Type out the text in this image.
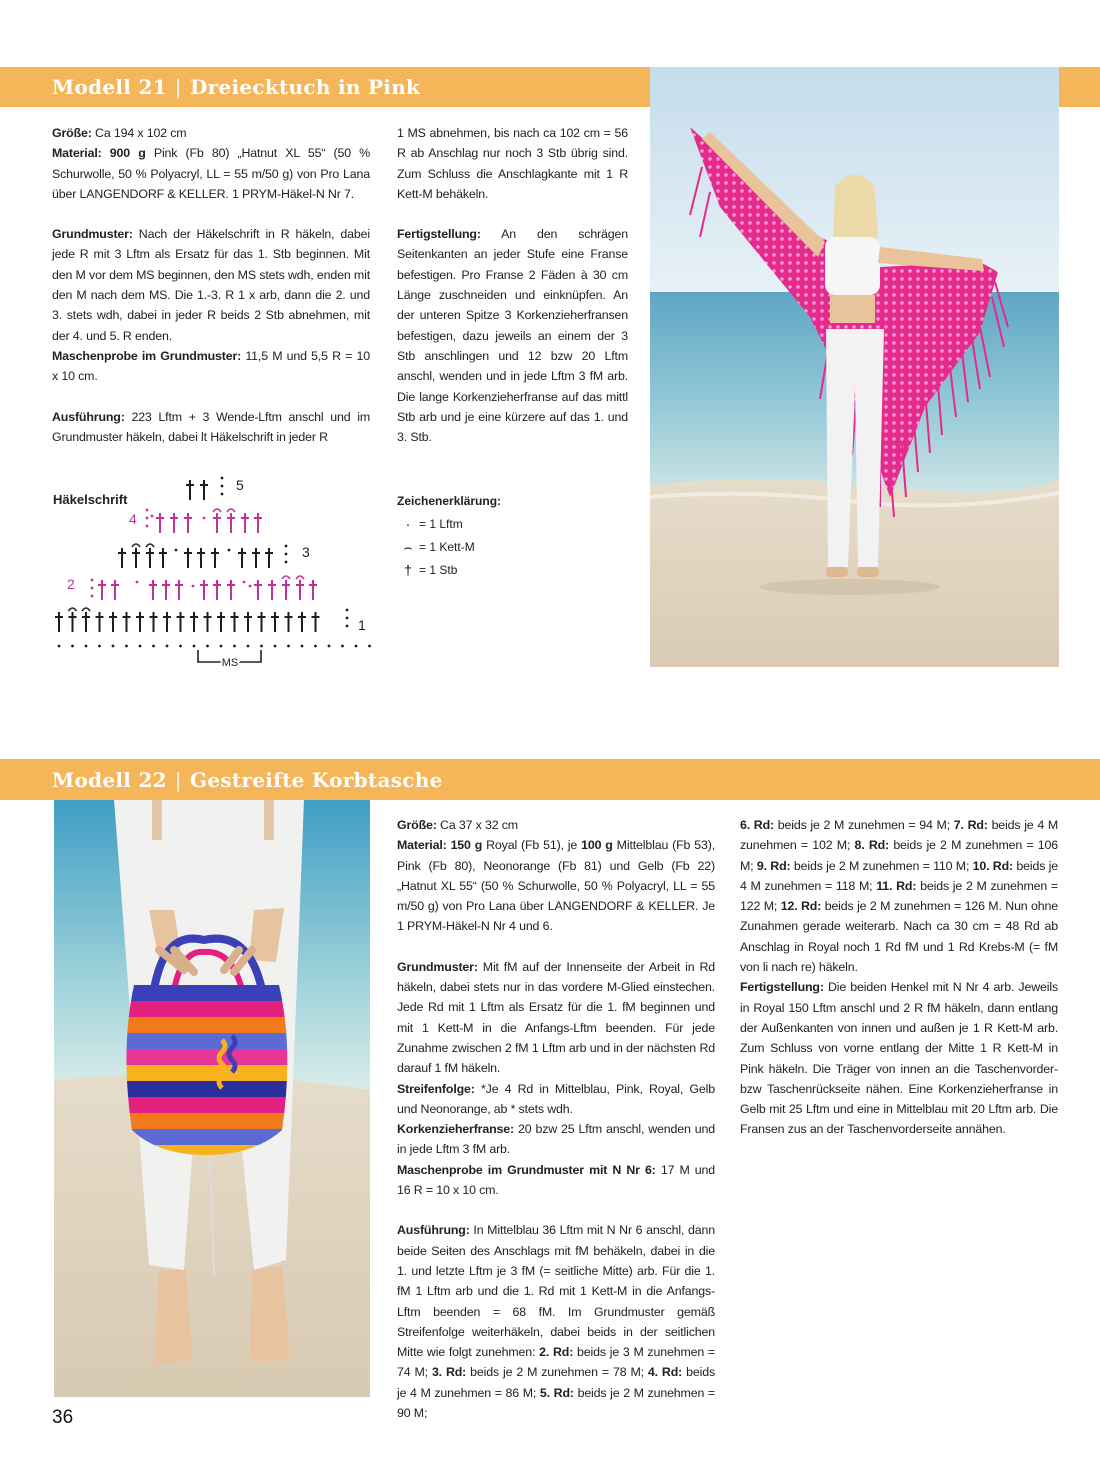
Modell 21 | Dreiecktuch in Pink

Größe: Ca 194 x 102 cm

Material: 900 g Pink (Fb 80) „Hatnut XL 55“ (50 % Schurwolle, 50 % Polyacryl, LL = 55 m/50 g) von Pro Lana über LANGENDORF & KELLER. 1 PRYM-Häkel-N Nr 7.

Grundmuster: Nach der Häkelschrift in R häkeln, dabei jede R mit 3 Lftm als Ersatz für das 1. Stb beginnen. Mit den M vor dem MS beginnen, den MS stets wdh, enden mit den M nach dem MS. Die 1.-3. R 1 x arb, dann die 2. und 3. stets wdh, dabei in jeder R beids 2 Stb abnehmen, mit der 4. und 5. R enden.

Maschenprobe im Grundmuster: 11,5 M und 5,5 R = 10 x 10 cm.

Ausführung: 223 Lftm + 3 Wende-Lftm anschl und im Grundmuster häkeln, dabei lt Häkelschrift in jeder R

1 MS abnehmen, bis nach ca 102 cm = 56 R ab Anschlag nur noch 3 Stb übrig sind. Zum Schluss die Anschlagkante mit 1 R Kett-M behäkeln.

Fertigstellung: An den schrägen Seitenkanten an jeder Stufe eine Franse befestigen. Pro Franse 2 Fäden à 30 cm Länge zuschneiden und einknüpfen. An der unteren Spitze 3 Korkenzieherfransen befestigen, dazu jeweils an einem der 3 Stb anschlingen und 12 bzw 20 Lftm anschl, wenden und in jede Lftm 3 fM arb. Die lange Korkenzieherfranse auf das mittl Stb arb und je eine kürzere auf das 1. und 3. Stb.

Häkelschrift
1
2
3
4
5
MS
Zeichenerklärung:
· = 1 Lftm
⌢ = 1 Kett-M
† = 1 Stb
Modell 22 | Gestreifte Korbtasche

Größe: Ca 37 x 32 cm

Material: 150 g Royal (Fb 51), je 100 g Mittelblau (Fb 53), Pink (Fb 80), Neonorange (Fb 81) und Gelb (Fb 22) „Hatnut XL 55“ (50 % Schurwolle, 50 % Polyacryl, LL = 55 m/50 g) von Pro Lana über LANGENDORF & KELLER. Je 1 PRYM-Häkel-N Nr 4 und 6.

Grundmuster: Mit fM auf der Innenseite der Arbeit in Rd häkeln, dabei stets nur in das vordere M-Glied einstechen. Jede Rd mit 1 Lftm als Ersatz für die 1. fM beginnen und mit 1 Kett-M in die Anfangs-Lftm beenden. Für jede Zunahme zwischen 2 fM 1 Lftm arb und in der nächsten Rd darauf 1 fM häkeln.

Streifenfolge: *Je 4 Rd in Mittelblau, Pink, Royal, Gelb und Neonorange, ab * stets wdh.

Korkenzieherfranse: 20 bzw 25 Lftm anschl, wenden und in jede Lftm 3 fM arb.

Maschenprobe im Grundmuster mit N Nr 6: 17 M und 16 R = 10 x 10 cm.

Ausführung: In Mittelblau 36 Lftm mit N Nr 6 anschl, dann beide Seiten des Anschlags mit fM behäkeln, dabei in die 1. und letzte Lftm je 3 fM (= seitliche Mitte) arb. Für die 1. fM 1 Lftm arb und die 1. Rd mit 1 Kett-M in die Anfangs-Lftm beenden = 68 fM. Im Grundmuster gemäß Streifenfolge weiterhäkeln, dabei beids in der seitlichen Mitte wie folgt zunehmen: 2. Rd: beids je 3 M zunehmen = 74 M; 3. Rd: beids je 2 M zunehmen = 78 M; 4. Rd: beids je 4 M zunehmen = 86 M; 5. Rd: beids je 2 M zunehmen = 90 M;

6. Rd: beids je 2 M zunehmen = 94 M; 7. Rd: beids je 4 M zunehmen = 102 M; 8. Rd: beids je 2 M zunehmen = 106 M; 9. Rd: beids je 2 M zunehmen = 110 M; 10. Rd: beids je 4 M zunehmen = 118 M; 11. Rd: beids je 2 M zunehmen = 122 M; 12. Rd: beids je 2 M zunehmen = 126 M. Nun ohne Zunahmen gerade weiterarb. Nach ca 30 cm = 48 Rd ab Anschlag in Royal noch 1 Rd fM und 1 Rd Krebs-M (= fM von li nach re) häkeln.

Fertigstellung: Die beiden Henkel mit N Nr 4 arb. Jeweils in Royal 150 Lftm anschl und 2 R fM häkeln, dann entlang der Außenkanten von innen und außen je 1 R Kett-M arb. Zum Schluss von vorne entlang der Mitte 1 R Kett-M in Pink häkeln. Die Träger von innen an die Taschenvorder- bzw Taschenrückseite nähen. Eine Korkenzieherfranse in Gelb mit 25 Lftm und eine in Mittelblau mit 20 Lftm arb. Die Fransen zus an der Taschenvorderseite annähen.

36
